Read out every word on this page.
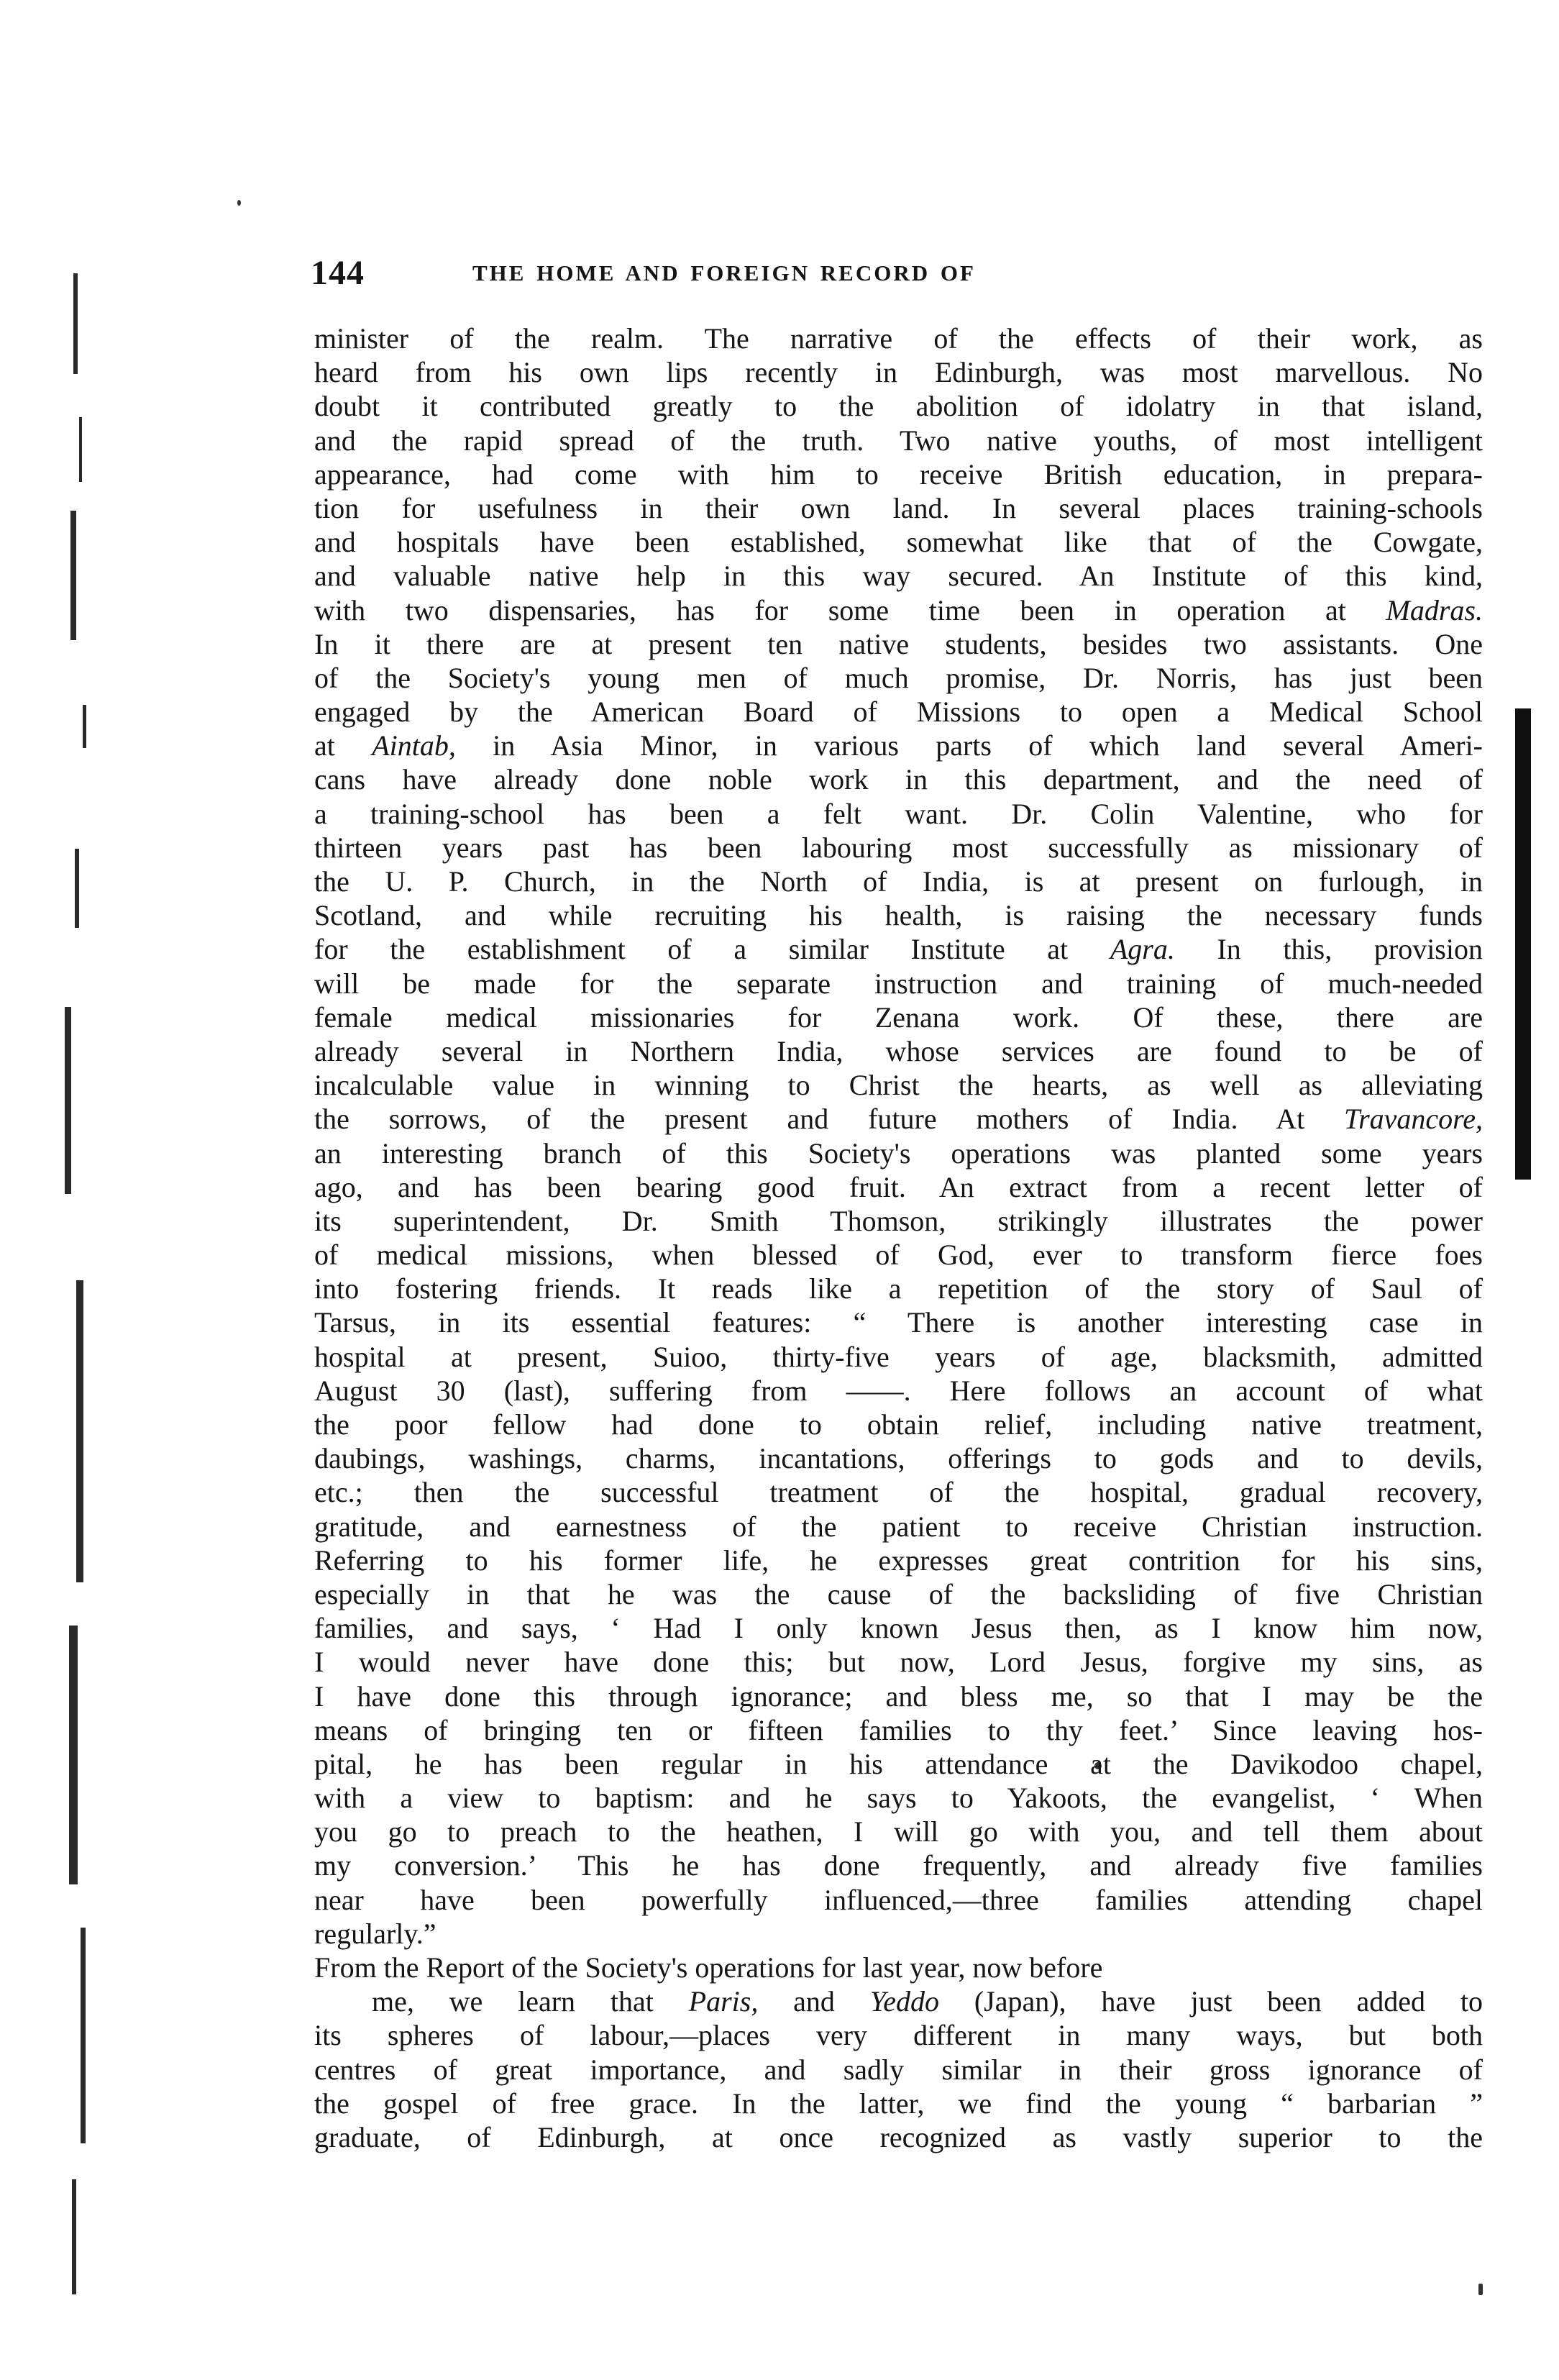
144	THE HOME AND FOREIGN RECORD OF
minister of the realm. The narrative of the effects of their work, as
heard from his own lips recently in Edinburgh, was most marvellous. No
doubt it contributed greatly to the abolition of idolatry in that island,
and the rapid spread of the truth. Two native youths, of most intelligent
appearance, had come with him to receive British education, in prepara-
tion for usefulness in their own land. In several places training-schools
and hospitals have been established, somewhat like that of the Cowgate,
and valuable native help in this way secured. An Institute of this kind,
with two dispensaries, has for some time been in operation at Madras.
In it there are at present ten native students, besides two assistants. One
of the Society's young men of much promise, Dr. Norris, has just been
engaged by the American Board of Missions to open a Medical School
at Aintab, in Asia Minor, in various parts of which land several Ameri-
cans have already done noble work in this department, and the need of
a training-school has been a felt want. Dr. Colin Valentine, who for
thirteen years past has been labouring most successfully as missionary of
the U. P. Church, in the North of India, is at present on furlough, in
Scotland, and while recruiting his health, is raising the necessary funds
for the establishment of a similar Institute at Agra. In this, provision
will be made for the separate instruction and training of much-needed
female medical missionaries for Zenana work. Of these, there are
already several in Northern India, whose services are found to be of
incalculable value in winning to Christ the hearts, as well as alleviating
the sorrows, of the present and future mothers of India. At Travancore,
an interesting branch of this Society's operations was planted some years
ago, and has been bearing good fruit. An extract from a recent letter of
its superintendent, Dr. Smith Thomson, strikingly illustrates the power
of medical missions, when blessed of God, ever to transform fierce foes
into fostering friends. It reads like a repetition of the story of Saul of
Tarsus, in its essential features: “ There is another interesting case in
hospital at present, Suioo, thirty-five years of age, blacksmith, admitted
August 30 (last), suffering from ——. Here follows an account of what
the poor fellow had done to obtain relief, including native treatment,
daubings, washings, charms, incantations, offerings to gods and to devils,
etc.; then the successful treatment of the hospital, gradual recovery,
gratitude, and earnestness of the patient to receive Christian instruction.
Referring to his former life, he expresses great contrition for his sins,
especially in that he was the cause of the backsliding of five Christian
families, and says, ‘ Had I only known Jesus then, as I know him now,
I would never have done this; but now, Lord Jesus, forgive my sins, as
I have done this through ignorance; and bless me, so that I may be the
means of bringing ten or fifteen families to thy feet.’ Since leaving hos-
pital, he has been regular in his attendance at the Davikodoo chapel,
with a view to baptism: and he says to Yakoots, the evangelist, ‘ When
you go to preach to the heathen, I will go with you, and tell them about
my conversion.’ This he has done frequently, and already five families
near have been powerfully influenced,—three families attending chapel
regularly.”
From the Report of the Society's operations for last year, now before
me, we learn that Paris, and Yeddo (Japan), have just been added to
its spheres of labour,—places very different in many ways, but both
centres of great importance, and sadly similar in their gross ignorance of
the gospel of free grace. In the latter, we find the young “ barbarian ”
graduate, of Edinburgh, at once recognized as vastly superior to the
